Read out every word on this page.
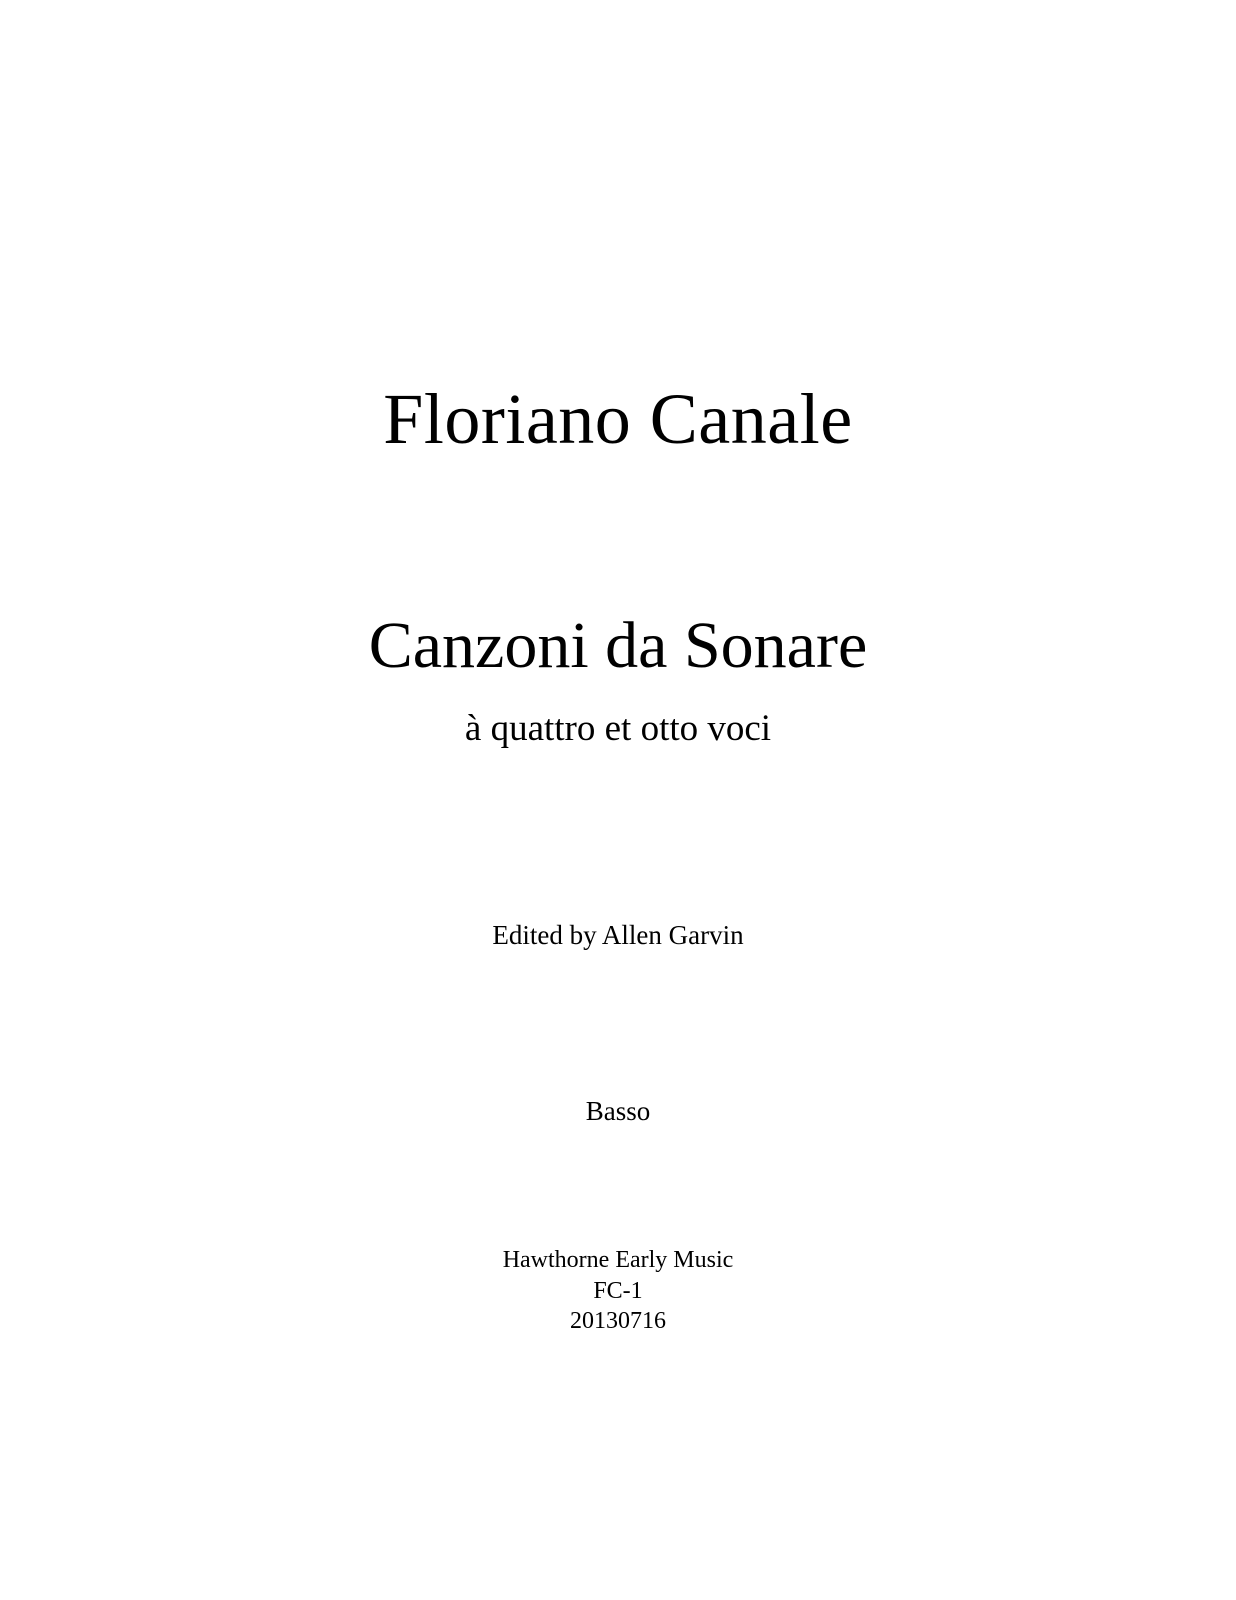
Floriano Canale
Canzoni da Sonare
à quattro et otto voci
Edited by Allen Garvin
Basso
Hawthorne Early Music
FC-1
20130716
